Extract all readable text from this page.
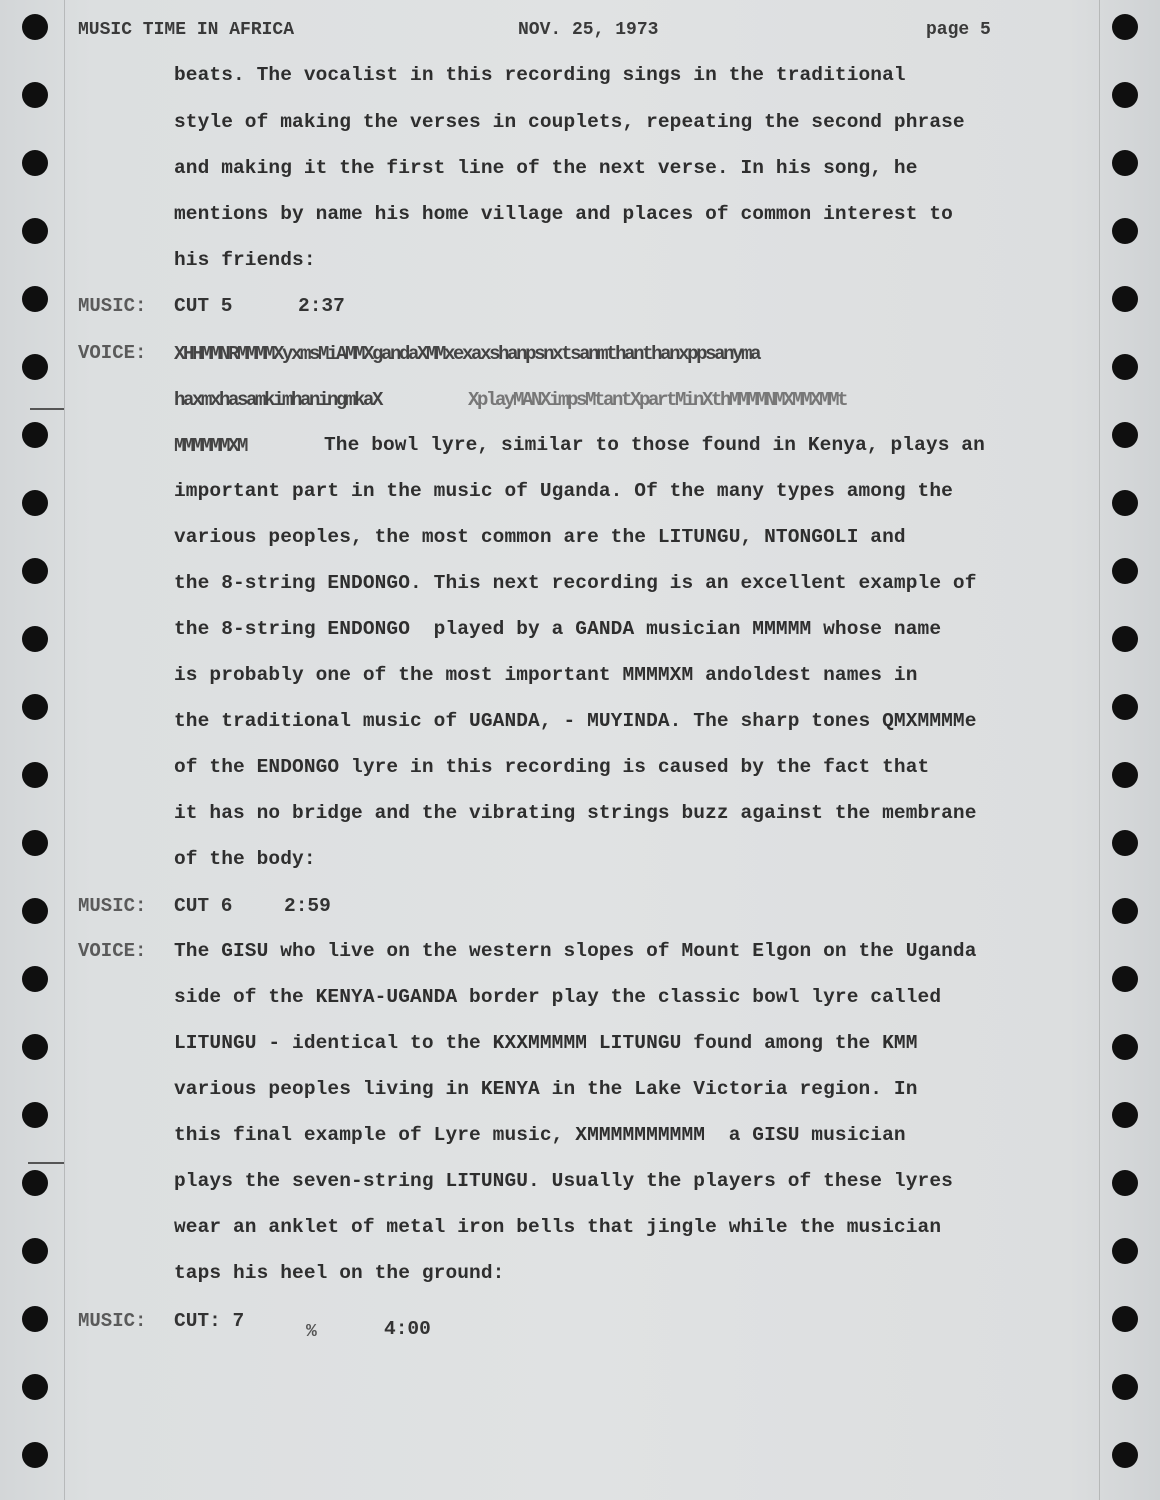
MUSIC TIME IN AFRICA	NOV. 25, 1973	page 5
beats. The vocalist in this recording sings in the traditional
style of making the verses in couplets, repeating the second phrase
and making it the first line of the next verse. In his song, he
mentions by name his home village and places of common interest to
his friends:
MUSIC: CUT 5	2:37
VOICE: XHHMMNRMMMMXyxmsMiAMMXgandaXMMxexaxshanpsnxtsanmthanthanxppsanyma
haxmxhasamkimhaningmkaX	XplayMANXimpsMtantXpartMinXthMMMMNMXMMXMMt
MMMMMMXM	The bowl lyre, similar to those found in Kenya, plays an
important part in the music of Uganda. Of the many types among the
various peoples, the most common are the LITUNGU, NTONGOLI and
the 8-string ENDONGO. This next recording is an excellent example of
the 8-string ENDONGO  played by a GANDA musician MMMMM whose name
is probably one of the most important MMMMXM andoldest names in
the traditional music of UGANDA, - MUYINDA. The sharp tones QMXMMMMe
of the ENDONGO lyre in this recording is caused by the fact that
it has no bridge and the vibrating strings buzz against the membrane
of the body:
MUSIC: CUT 6	2:59
VOICE: The GISU who live on the western slopes of Mount Elgon on the Uganda
side of the KENYA-UGANDA border play the classic bowl lyre called
LITUNGU - identical to the KXXMMMMM LITUNGU found among the KMM
various peoples living in KENYA in the Lake Victoria region. In
this final example of Lyre music, XMMMMMMMMMM  a GISU musician
plays the seven-string LITUNGU. Usually the players of these lyres
wear an anklet of metal iron bells that jingle while the musician
taps his heel on the ground:
MUSIC: CUT: 7	%	4:00
